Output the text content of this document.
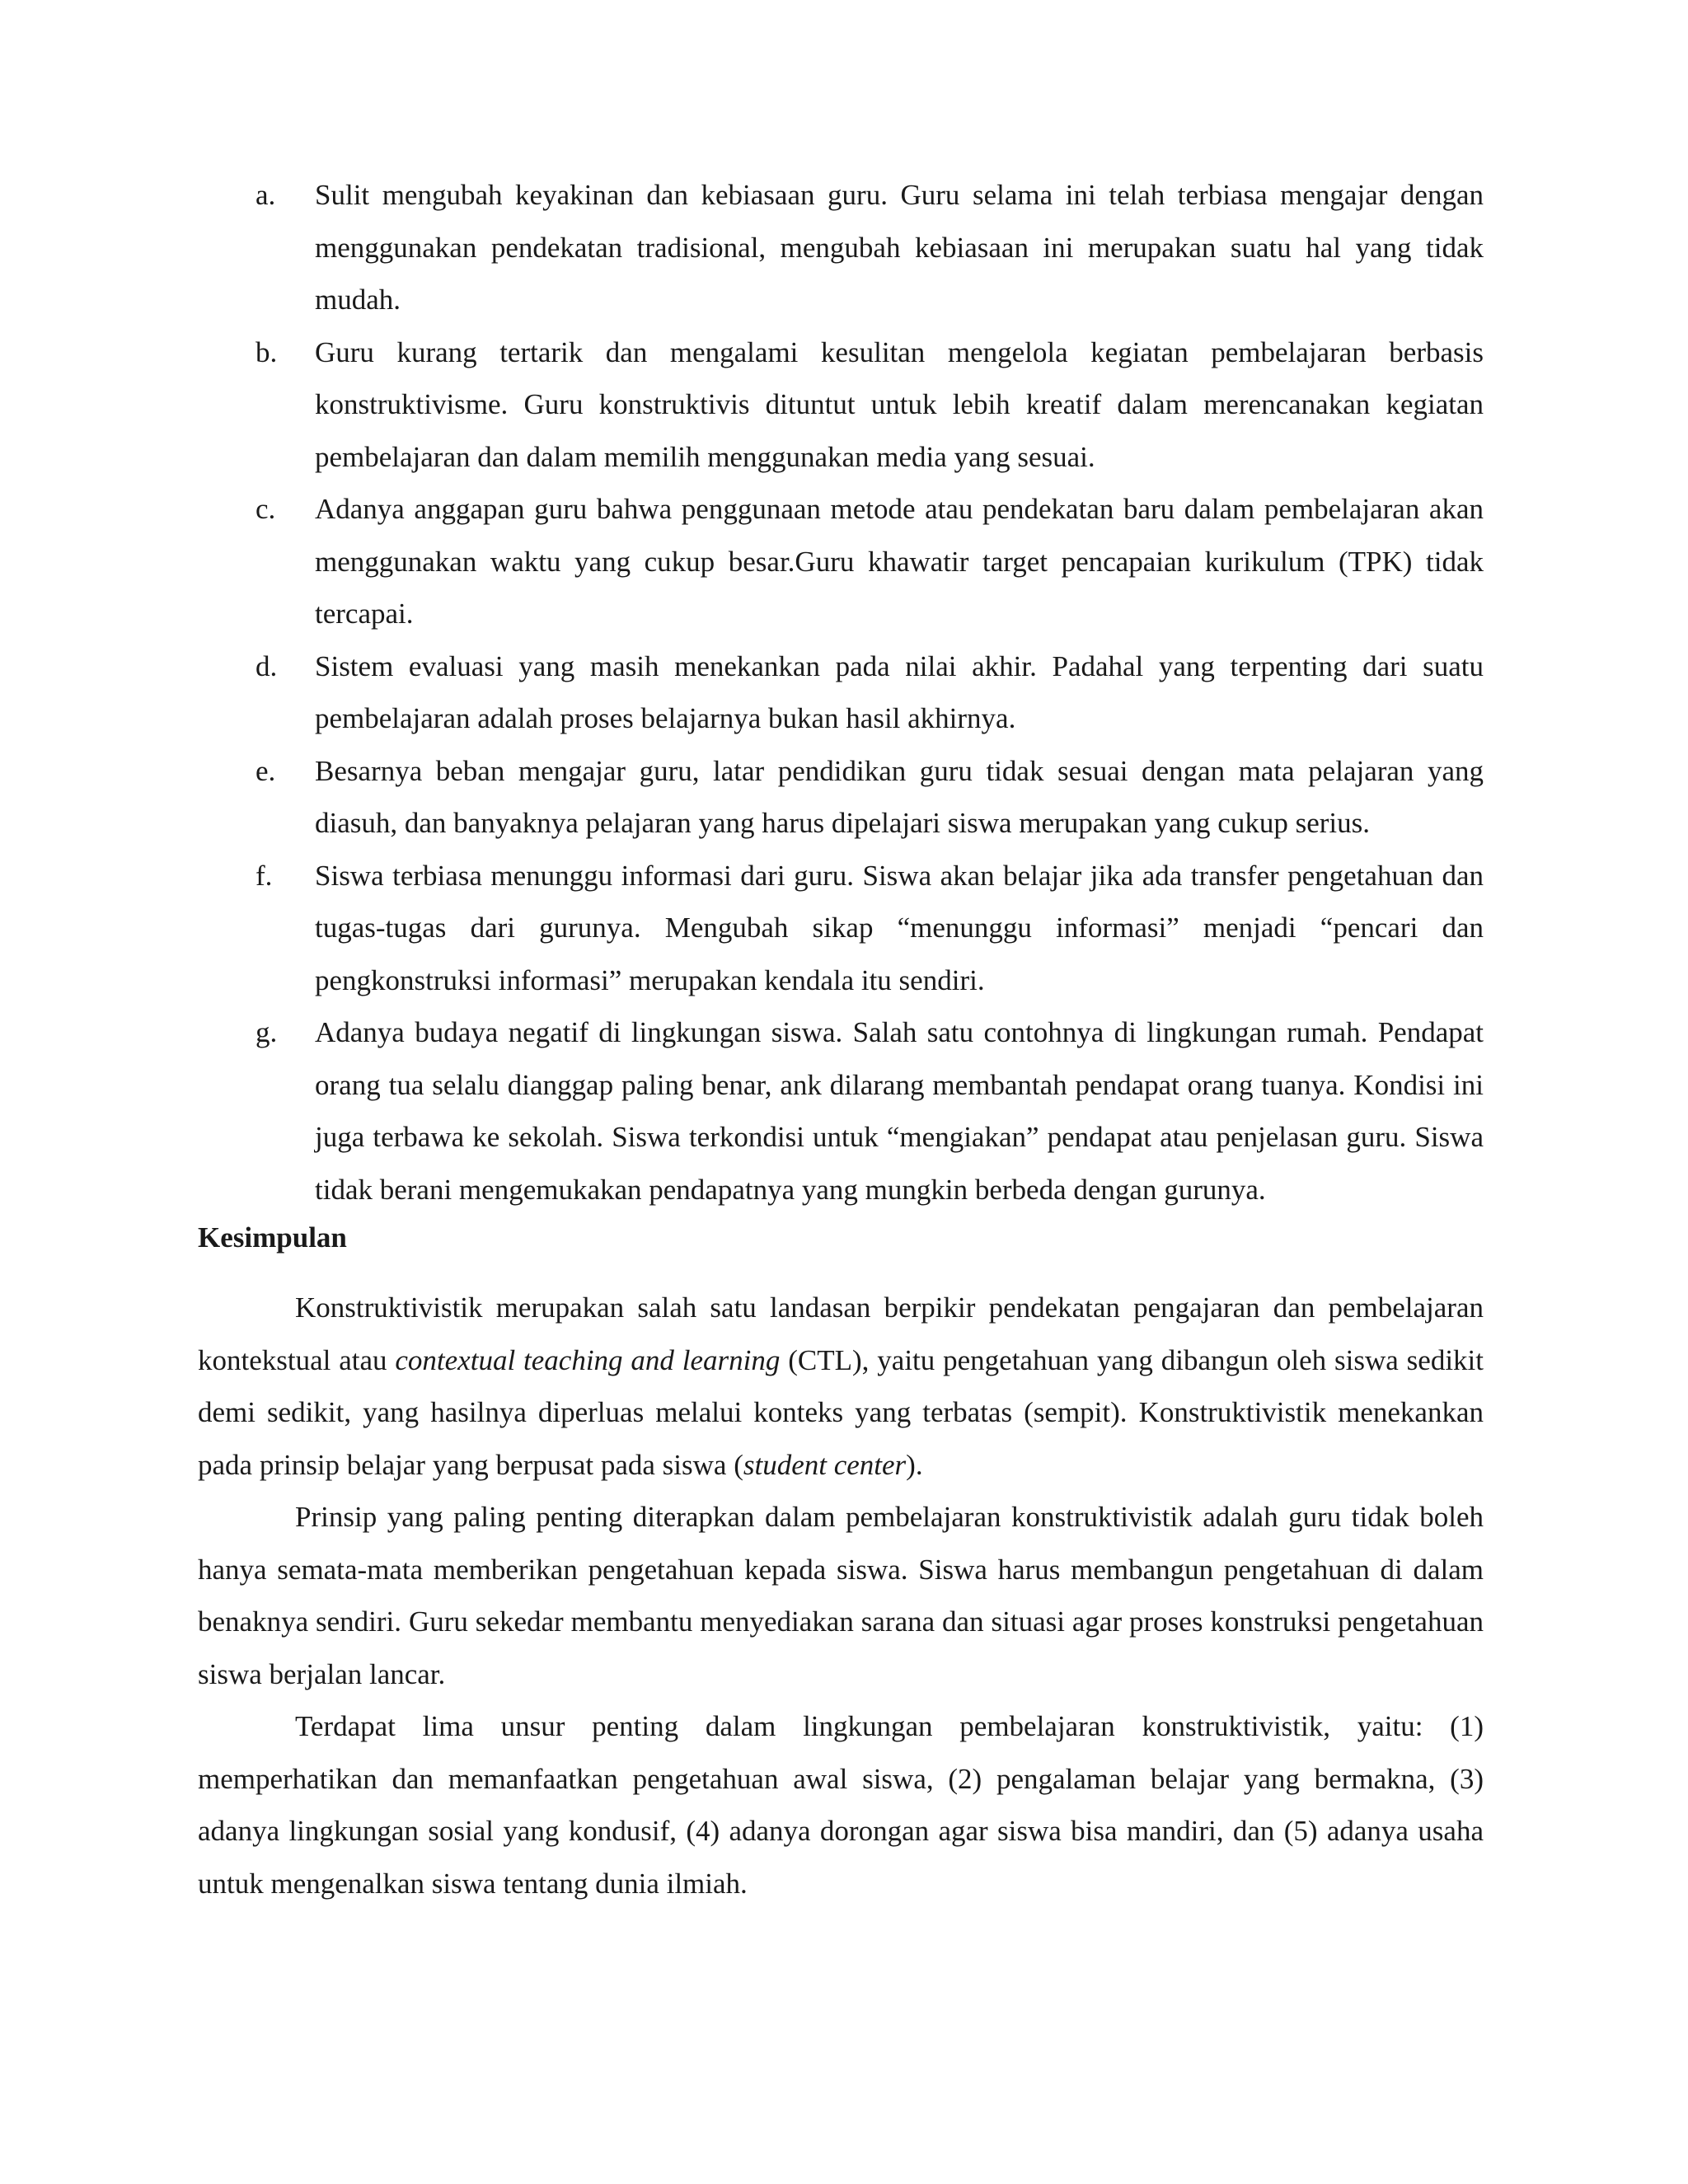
a. Sulit mengubah keyakinan dan kebiasaan guru. Guru selama ini telah terbiasa mengajar dengan menggunakan pendekatan tradisional, mengubah kebiasaan ini merupakan suatu hal yang tidak mudah.
b. Guru kurang tertarik dan mengalami kesulitan mengelola kegiatan pembelajaran berbasis konstruktivisme. Guru konstruktivis dituntut untuk lebih kreatif dalam merencanakan kegiatan pembelajaran dan dalam memilih menggunakan media yang sesuai.
c. Adanya anggapan guru bahwa penggunaan metode atau pendekatan baru dalam pembelajaran akan menggunakan waktu yang cukup besar.Guru khawatir target pencapaian kurikulum (TPK) tidak tercapai.
d. Sistem evaluasi yang masih menekankan pada nilai akhir. Padahal yang terpenting dari suatu pembelajaran adalah proses belajarnya bukan hasil akhirnya.
e. Besarnya beban mengajar guru, latar pendidikan guru tidak sesuai dengan mata pelajaran yang diasuh, dan banyaknya pelajaran yang harus dipelajari siswa merupakan yang cukup serius.
f. Siswa terbiasa menunggu informasi dari guru. Siswa akan belajar jika ada transfer pengetahuan dan tugas-tugas dari gurunya. Mengubah sikap “menunggu informasi” menjadi “pencari dan pengkonstruksi informasi” merupakan kendala itu sendiri.
g. Adanya budaya negatif di lingkungan siswa. Salah satu contohnya di lingkungan rumah. Pendapat orang tua selalu dianggap paling benar, ank dilarang membantah pendapat orang tuanya. Kondisi ini juga terbawa ke sekolah. Siswa terkondisi untuk “mengiakan” pendapat atau penjelasan guru. Siswa tidak berani mengemukakan pendapatnya yang mungkin berbeda dengan gurunya.
Kesimpulan

Konstruktivistik merupakan salah satu landasan berpikir pendekatan pengajaran dan pembelajaran kontekstual atau contextual teaching and learning (CTL), yaitu pengetahuan yang dibangun oleh siswa sedikit demi sedikit, yang hasilnya diperluas melalui konteks yang terbatas (sempit). Konstruktivistik menekankan pada prinsip belajar yang berpusat pada siswa (student center).

Prinsip yang paling penting diterapkan dalam pembelajaran konstruktivistik adalah guru tidak boleh hanya semata-mata memberikan pengetahuan kepada siswa. Siswa harus membangun pengetahuan di dalam benaknya sendiri. Guru sekedar membantu menyediakan sarana dan situasi agar proses konstruksi pengetahuan siswa berjalan lancar.

Terdapat lima unsur penting dalam lingkungan pembelajaran konstruktivistik, yaitu: (1) memperhatikan dan memanfaatkan pengetahuan awal siswa, (2) pengalaman belajar yang bermakna, (3) adanya lingkungan sosial yang kondusif, (4) adanya dorongan agar siswa bisa mandiri, dan (5) adanya usaha untuk mengenalkan siswa tentang dunia ilmiah.
